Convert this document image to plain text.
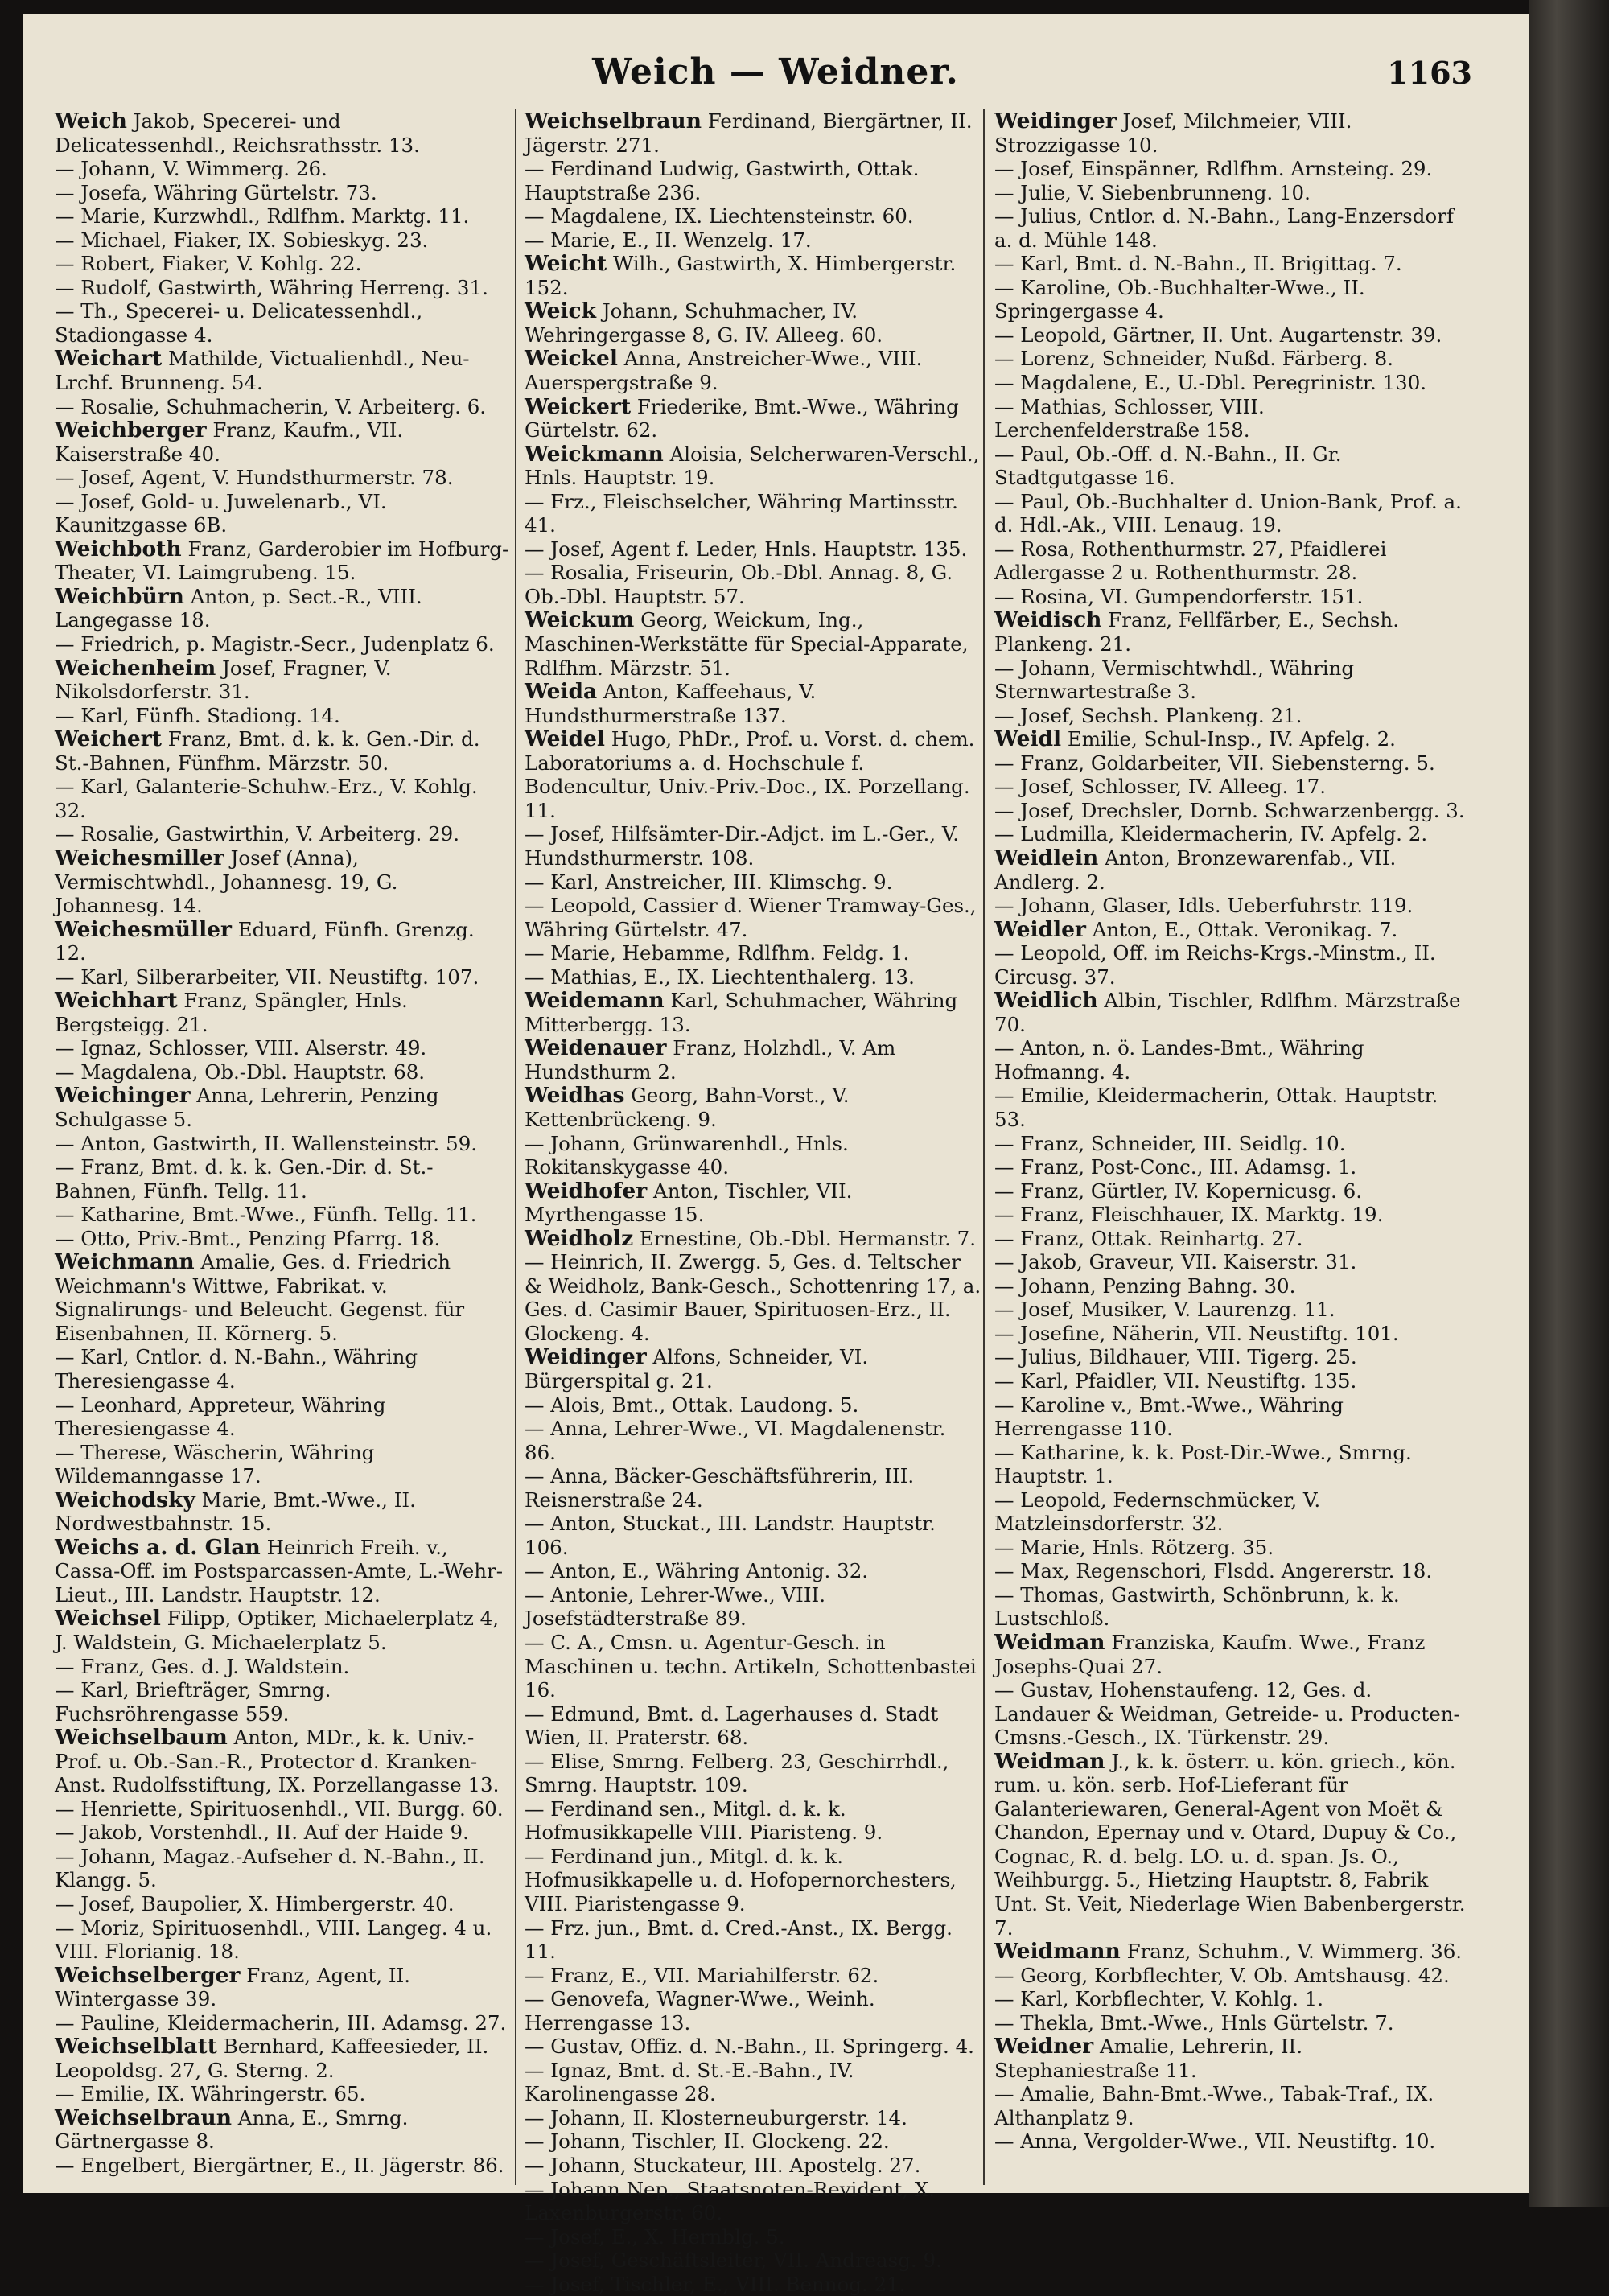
Weich — Weidner.	1163
Weich Jakob, Specerei- und Delicatessenhdl., Reichsrathsstr. 13.
— Johann, V. Wimmerg. 26.
— Josefa, Währing Gürtelstr. 73.
— Marie, Kurzwhdl., Rdlfhm. Marktg. 11.
— Michael, Fiaker, IX. Sobieskyg. 23.
— Robert, Fiaker, V. Kohlg. 22.
— Rudolf, Gastwirth, Währing Herreng. 31.
— Th., Specerei- u. Delicatessenhdl., Stadiongasse 4.
Weichart Mathilde, Victualienhdl., Neu-Lrchf. Brunneng. 54.
— Rosalie, Schuhmacherin, V. Arbeiterg. 6.
Weichberger Franz, Kaufm., VII. Kaiserstraße 40.
— Josef, Agent, V. Hundsthurmerstr. 78.
— Josef, Gold- u. Juwelenarb., VI. Kaunitzgasse 6B.
Weichboth Franz, Garderobier im Hofburg-Theater, VI. Laimgrubeng. 15.
Weichbürn Anton, p. Sect.-R., VIII. Langegasse 18.
— Friedrich, p. Magistr.-Secr., Judenplatz 6.
Weichenheim Josef, Fragner, V. Nikolsdorferstr. 31.
— Karl, Fünfh. Stadiong. 14.
Weichert Franz, Bmt. d. k. k. Gen.-Dir. d. St.-Bahnen, Fünfhm. Märzstr. 50.
— Karl, Galanterie-Schuhw.-Erz., V. Kohlg. 32.
— Rosalie, Gastwirthin, V. Arbeiterg. 29.
Weichesmiller Josef (Anna), Vermischtwhdl., Johannesg. 19, G. Johannesg. 14.
Weichesmüller Eduard, Fünfh. Grenzg. 12.
— Karl, Silberarbeiter, VII. Neustiftg. 107.
Weichhart Franz, Spängler, Hnls. Bergsteigg. 21.
— Ignaz, Schlosser, VIII. Alserstr. 49.
— Magdalena, Ob.-Dbl. Hauptstr. 68.
Weichinger Anna, Lehrerin, Penzing Schulgasse 5.
— Anton, Gastwirth, II. Wallensteinstr. 59.
— Franz, Bmt. d. k. k. Gen.-Dir. d. St.-Bahnen, Fünfh. Tellg. 11.
— Katharine, Bmt.-Wwe., Fünfh. Tellg. 11.
— Otto, Priv.-Bmt., Penzing Pfarrg. 18.
Weichmann Amalie, Ges. d. Friedrich Weichmann's Wittwe, Fabrikat. v. Signalirungs- und Beleucht. Gegenst. für Eisenbahnen, II. Körnerg. 5.
— Karl, Cntlor. d. N.-Bahn., Währing Theresiengasse 4.
— Leonhard, Appreteur, Währing Theresiengasse 4.
— Therese, Wäscherin, Währing Wildemanngasse 17.
Weichodsky Marie, Bmt.-Wwe., II. Nordwestbahnstr. 15.
Weichs a. d. Glan Heinrich Freih. v., Cassa-Off. im Postsparcassen-Amte, L.-Wehr-Lieut., III. Landstr. Hauptstr. 12.
Weichsel Filipp, Optiker, Michaelerplatz 4, J. Waldstein, G. Michaelerplatz 5.
— Franz, Ges. d. J. Waldstein.
— Karl, Briefträger, Smrng. Fuchsröhrengasse 559.
Weichselbaum Anton, MDr., k. k. Univ.-Prof. u. Ob.-San.-R., Protector d. Kranken-Anst. Rudolfsstiftung, IX. Porzellangasse 13.
— Henriette, Spirituosenhdl., VII. Burgg. 60.
— Jakob, Vorstenhdl., II. Auf der Haide 9.
— Johann, Magaz.-Aufseher d. N.-Bahn., II. Klangg. 5.
— Josef, Baupolier, X. Himbergerstr. 40.
— Moriz, Spirituosenhdl., VIII. Langeg. 4 u. VIII. Florianig. 18.
Weichselberger Franz, Agent, II. Wintergasse 39.
— Pauline, Kleidermacherin, III. Adamsg. 27.
Weichselblatt Bernhard, Kaffeesieder, II. Leopoldsg. 27, G. Sterng. 2.
— Emilie, IX. Währingerstr. 65.
Weichselbraun Anna, E., Smrng. Gärtnergasse 8.
— Engelbert, Biergärtner, E., II. Jägerstr. 86.
Weichselbraun Ferdinand, Biergärtner, II. Jägerstr. 271.
— Ferdinand Ludwig, Gastwirth, Ottak. Hauptstraße 236.
— Magdalene, IX. Liechtensteinstr. 60.
— Marie, E., II. Wenzelg. 17.
Weicht Wilh., Gastwirth, X. Himbergerstr. 152.
Weick Johann, Schuhmacher, IV. Wehringergasse 8, G. IV. Alleeg. 60.
Weickel Anna, Anstreicher-Wwe., VIII. Auerspergstraße 9.
Weickert Friederike, Bmt.-Wwe., Währing Gürtelstr. 62.
Weickmann Aloisia, Selcherwaren-Verschl., Hnls. Hauptstr. 19.
— Frz., Fleischselcher, Währing Martinsstr. 41.
— Josef, Agent f. Leder, Hnls. Hauptstr. 135.
— Rosalia, Friseurin, Ob.-Dbl. Annag. 8, G. Ob.-Dbl. Hauptstr. 57.
Weickum Georg, Weickum, Ing., Maschinen-Werkstätte für Special-Apparate, Rdlfhm. Märzstr. 51.
Weida Anton, Kaffeehaus, V. Hundsthurmerstraße 137.
Weidel Hugo, PhDr., Prof. u. Vorst. d. chem. Laboratoriums a. d. Hochschule f. Bodencultur, Univ.-Priv.-Doc., IX. Porzellang. 11.
— Josef, Hilfsämter-Dir.-Adjct. im L.-Ger., V. Hundsthurmerstr. 108.
— Karl, Anstreicher, III. Klimschg. 9.
— Leopold, Cassier d. Wiener Tramway-Ges., Währing Gürtelstr. 47.
— Marie, Hebamme, Rdlfhm. Feldg. 1.
— Mathias, E., IX. Liechtenthalerg. 13.
Weidemann Karl, Schuhmacher, Währing Mitterbergg. 13.
Weidenauer Franz, Holzhdl., V. Am Hundsthurm 2.
Weidhas Georg, Bahn-Vorst., V. Kettenbrückeng. 9.
— Johann, Grünwarenhdl., Hnls. Rokitanskygasse 40.
Weidhofer Anton, Tischler, VII. Myrthengasse 15.
Weidholz Ernestine, Ob.-Dbl. Hermanstr. 7.
— Heinrich, II. Zwergg. 5, Ges. d. Teltscher & Weidholz, Bank-Gesch., Schottenring 17, a. Ges. d. Casimir Bauer, Spirituosen-Erz., II. Glockeng. 4.
Weidinger Alfons, Schneider, VI. Bürgerspital g. 21.
— Alois, Bmt., Ottak. Laudong. 5.
— Anna, Lehrer-Wwe., VI. Magdalenenstr. 86.
— Anna, Bäcker-Geschäftsführerin, III. Reisnerstraße 24.
— Anton, Stuckat., III. Landstr. Hauptstr. 106.
— Anton, E., Währing Antonig. 32.
— Antonie, Lehrer-Wwe., VIII. Josefstädterstraße 89.
— C. A., Cmsn. u. Agentur-Gesch. in Maschinen u. techn. Artikeln, Schottenbastei 16.
— Edmund, Bmt. d. Lagerhauses d. Stadt Wien, II. Praterstr. 68.
— Elise, Smrng. Felberg. 23, Geschirrhdl., Smrng. Hauptstr. 109.
— Ferdinand sen., Mitgl. d. k. k. Hofmusikkapelle VIII. Piaristeng. 9.
— Ferdinand jun., Mitgl. d. k. k. Hofmusikkapelle u. d. Hofopernorchesters, VIII. Piaristengasse 9.
— Frz. jun., Bmt. d. Cred.-Anst., IX. Bergg. 11.
— Franz, E., VII. Mariahilferstr. 62.
— Genovefa, Wagner-Wwe., Weinh. Herrengasse 13.
— Gustav, Offiz. d. N.-Bahn., II. Springerg. 4.
— Ignaz, Bmt. d. St.-E.-Bahn., IV. Karolinengasse 28.
— Johann, II. Klosterneuburgerstr. 14.
— Johann, Tischler, II. Glockeng. 22.
— Johann, Stuckateur, III. Apostelg. 27.
— Johann Nep., Staatsnoten-Revident, X. Laxenburgerstr. 60.
— Josef, E., X. Hernblg. 5.
— Josef, Geschäftsleiter, VII. Andreasg. 9.
— Josef, Tischler, E., VIII. Bennog. 21.
Weidinger Josef, Milchmeier, VIII. Strozzigasse 10.
— Josef, Einspänner, Rdlfhm. Arnsteing. 29.
— Julie, V. Siebenbrunneng. 10.
— Julius, Cntlor. d. N.-Bahn., Lang-Enzersdorf a. d. Mühle 148.
— Karl, Bmt. d. N.-Bahn., II. Brigittag. 7.
— Karoline, Ob.-Buchhalter-Wwe., II. Springergasse 4.
— Leopold, Gärtner, II. Unt. Augartenstr. 39.
— Lorenz, Schneider, Nußd. Färberg. 8.
— Magdalene, E., U.-Dbl. Peregrinistr. 130.
— Mathias, Schlosser, VIII. Lerchenfelderstraße 158.
— Paul, Ob.-Off. d. N.-Bahn., II. Gr. Stadtgutgasse 16.
— Paul, Ob.-Buchhalter d. Union-Bank, Prof. a. d. Hdl.-Ak., VIII. Lenaug. 19.
— Rosa, Rothenthurmstr. 27, Pfaidlerei Adlergasse 2 u. Rothenthurmstr. 28.
— Rosina, VI. Gumpendorferstr. 151.
Weidisch Franz, Fellfärber, E., Sechsh. Plankeng. 21.
— Johann, Vermischtwhdl., Währing Sternwartestraße 3.
— Josef, Sechsh. Plankeng. 21.
Weidl Emilie, Schul-Insp., IV. Apfelg. 2.
— Franz, Goldarbeiter, VII. Siebensterng. 5.
— Josef, Schlosser, IV. Alleeg. 17.
— Josef, Drechsler, Dornb. Schwarzenbergg. 3.
— Ludmilla, Kleidermacherin, IV. Apfelg. 2.
Weidlein Anton, Bronzewarenfab., VII. Andlerg. 2.
— Johann, Glaser, Idls. Ueberfuhrstr. 119.
Weidler Anton, E., Ottak. Veronikag. 7.
— Leopold, Off. im Reichs-Krgs.-Minstm., II. Circusg. 37.
Weidlich Albin, Tischler, Rdlfhm. Märzstraße 70.
— Anton, n. ö. Landes-Bmt., Währing Hofmanng. 4.
— Emilie, Kleidermacherin, Ottak. Hauptstr. 53.
— Franz, Schneider, III. Seidlg. 10.
— Franz, Post-Conc., III. Adamsg. 1.
— Franz, Gürtler, IV. Kopernicusg. 6.
— Franz, Fleischhauer, IX. Marktg. 19.
— Franz, Ottak. Reinhartg. 27.
— Jakob, Graveur, VII. Kaiserstr. 31.
— Johann, Penzing Bahng. 30.
— Josef, Musiker, V. Laurenzg. 11.
— Josefine, Näherin, VII. Neustiftg. 101.
— Julius, Bildhauer, VIII. Tigerg. 25.
— Karl, Pfaidler, VII. Neustiftg. 135.
— Karoline v., Bmt.-Wwe., Währing Herrengasse 110.
— Katharine, k. k. Post-Dir.-Wwe., Smrng. Hauptstr. 1.
— Leopold, Federnschmücker, V. Matzleinsdorferstr. 32.
— Marie, Hnls. Rötzerg. 35.
— Max, Regenschori, Flsdd. Angererstr. 18.
— Thomas, Gastwirth, Schönbrunn, k. k. Lustschloß.
Weidman Franziska, Kaufm. Wwe., Franz Josephs-Quai 27.
— Gustav, Hohenstaufeng. 12, Ges. d. Landauer & Weidman, Getreide- u. Producten-Cmsns.-Gesch., IX. Türkenstr. 29.
Weidman J., k. k. österr. u. kön. griech., kön. rum. u. kön. serb. Hof-Lieferant für Galanteriewaren, General-Agent von Moët & Chandon, Epernay und v. Otard, Dupuy & Co., Cognac, R. d. belg. LO. u. d. span. Js. O., Weihburgg. 5., Hietzing Hauptstr. 8, Fabrik Unt. St. Veit, Niederlage Wien Babenbergerstr. 7.
Weidmann Franz, Schuhm., V. Wimmerg. 36.
— Georg, Korbflechter, V. Ob. Amtshausg. 42.
— Karl, Korbflechter, V. Kohlg. 1.
— Thekla, Bmt.-Wwe., Hnls Gürtelstr. 7.
Weidner Amalie, Lehrerin, II. Stephaniestraße 11.
— Amalie, Bahn-Bmt.-Wwe., Tabak-Traf., IX. Althanplatz 9.
— Anna, Vergolder-Wwe., VII. Neustiftg. 10.
